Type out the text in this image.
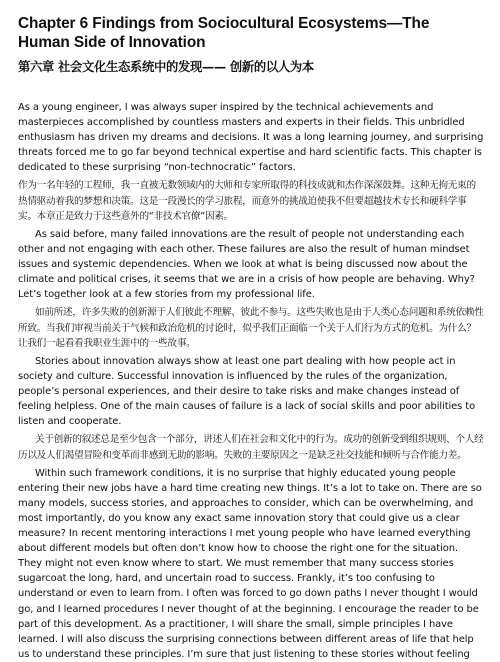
Chapter 6 Findings from Sociocultural Ecosystems—The Human Side of Innovation
第六章 社会文化生态系统中的发现—— 创新的以人为本

As a young engineer, I was always super inspired by the technical achievements and masterpieces accomplished by countless masters and experts in their fields. This unbridled enthusiasm has driven my dreams and decisions. It was a long learning journey, and surprising threats forced me to go far beyond technical expertise and hard scientific facts. This chapter is dedicated to these surprising “non-technocratic” factors.

作为一名年轻的工程师，我一直被无数领域内的大师和专家所取得的科技成就和杰作深深鼓舞。这种无拘无束的热情驱动着我的梦想和决策。这是一段漫长的学习旅程，而意外的挑战迫使我不但要超越技术专长和硬科学事实。本章正是致力于这些意外的“非技术官僚”因素。

As said before, many failed innovations are the result of people not understanding each other and not engaging with each other. These failures are also the result of human mindset issues and systemic dependencies. When we look at what is being discussed now about the climate and political crises, it seems that we are in a crisis of how people are behaving. Why? Let’s together look at a few stories from my professional life.

如前所述，许多失败的创新源于人们彼此不理解、彼此不参与。这些失败也是由于人类心态问题和系统依赖性所致。当我们审视当前关于气候和政治危机的讨论时，似乎我们正面临一个关于人们行为方式的危机。为什么？让我们一起看看我职业生涯中的一些故事。

Stories about innovation always show at least one part dealing with how people act in society and culture. Successful innovation is influenced by the rules of the organization, people’s personal experiences, and their desire to take risks and make changes instead of feeling helpless. One of the main causes of failure is a lack of social skills and poor abilities to listen and cooperate.

关于创新的叙述总是至少包含一个部分，讲述人们在社会和文化中的行为。成功的创新受到组织规则、个人经历以及人们渴望冒险和变革而非感到无助的影响。失败的主要原因之一是缺乏社交技能和倾听与合作能力差。

Within such framework conditions, it is no surprise that highly educated young people entering their new jobs have a hard time creating new things. It’s a lot to take on. There are so many models, success stories, and approaches to consider, which can be overwhelming, and most importantly, do you know any exact same innovation story that could give us a clear measure? In recent mentoring interactions I met young people who have learned everything about different models but often don’t know how to choose the right one for the situation. They might not even know where to start. We must remember that many success stories sugarcoat the long, hard, and uncertain road to success. Frankly, it’s too confusing to understand or even to learn from. I often was forced to go down paths I never thought I would go, and I learned procedures I never thought of at the beginning. I encourage the reader to be part of this development. As a practitioner, I will share the small, simple principles I have learned. I will also discuss the surprising connections between different areas of life that help us to understand these principles. I’m sure that just listening to these stories without feeling
